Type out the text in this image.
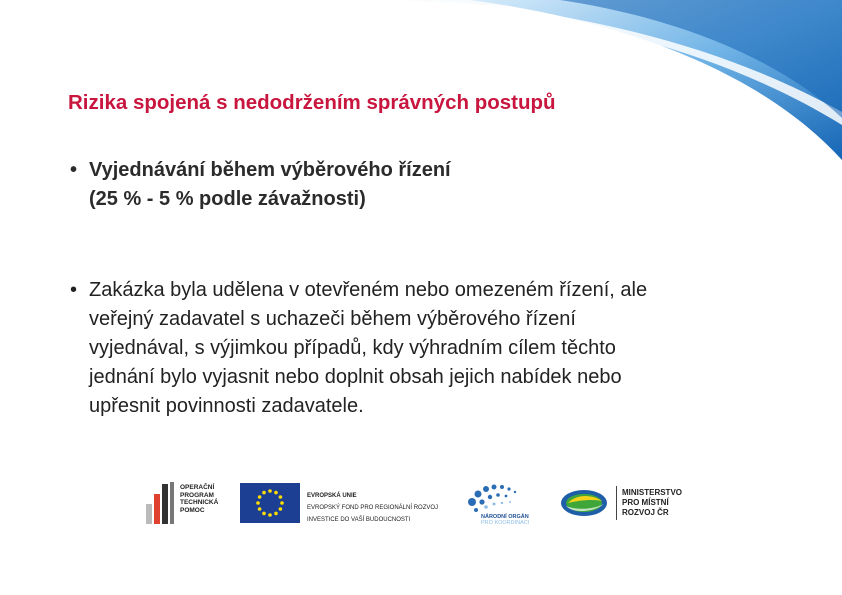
Rizika spojená s nedodržením správných postupů
• Vyjednávání během výběrového řízení
(25 % - 5 % podle závažnosti)
• Zakázka byla udělena v otevřeném nebo omezeném řízení, ale
veřejný zadavatel s uchazeči během výběrového řízení
vyjednával, s výjimkou případů, kdy výhradním cílem těchto
jednání bylo vyjasnit nebo doplnit obsah jejich nabídek nebo
upřesnit povinnosti zadavatele.
OPERAČNÍ
PROGRAM
TECHNICKÁ
POMOC
EVROPSKÁ UNIE
EVROPSKÝ FOND PRO REGIONÁLNÍ ROZVOJ
INVESTICE DO VAŠÍ BUDOUCNOSTI	NÁRODNÍ ORGÁN
PRO KOORDINACI
MINISTERSTVO
PRO MÍSTNÍ
ROZVOJ ČR
